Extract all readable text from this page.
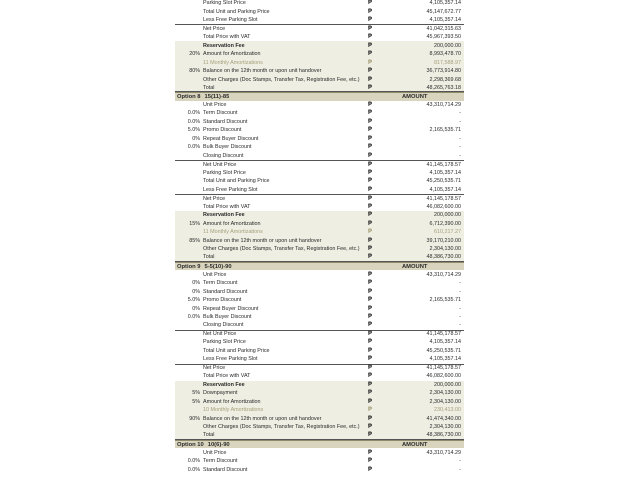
Parking Slot Price	₱	4,105,357.14
Total Unit and Parking Price	₱	45,147,672.77
Less Free Parking Slot	₱	4,105,357.14
Net Price	₱	41,042,315.63
Total Price with VAT	₱	45,967,393.50
Reservation Fee	₱	200,000.00
20% Amount for Amortization	₱	8,993,478.70
11 Monthly Amortizations	₱	817,588.97
80% Balance on the 12th month or upon unit handover	₱	36,773,914.80
Other Charges (Doc Stamps, Transfer Tax, Registration Fee, etc.)	₱	2,298,369.68
Total	₱	48,265,763.18
Option 8 15(11)-85	AMOUNT
Unit Price	₱	43,310,714.29
0.0% Term Discount	₱	-
0.0% Standard Discount	₱	-
5.0% Promo Discount	₱	2,165,535.71
0% Repeat Buyer Discount	₱	-
0.0% Bulk Buyer Discount	₱	-
Closing Discount	₱	-
Net Unit Price	₱	41,145,178.57
Parking Slot Price	₱	4,105,357.14
Total Unit and Parking Price	₱	45,250,535.71
Less Free Parking Slot	₱	4,105,357.14
Net Price	₱	41,145,178.57
Total Price with VAT	₱	46,082,600.00
Reservation Fee	₱	200,000.00
15% Amount for Amortization	₱	6,712,390.00
11 Monthly Amortizations	₱	610,217.27
85% Balance on the 12th month or upon unit handover	₱	39,170,210.00
Other Charges (Doc Stamps, Transfer Tax, Registration Fee, etc.)	₱	2,304,130.00
Total	₱	48,386,730.00
Option 9 5-5(10)-90	AMOUNT
Unit Price	₱	43,310,714.29
0% Term Discount	₱	-
0% Standard Discount	₱	-
5.0% Promo Discount	₱	2,165,535.71
0% Repeat Buyer Discount	₱	-
0.0% Bulk Buyer Discount	₱	-
Closing Discount	₱	-
Net Unit Price	₱	41,145,178.57
Parking Slot Price	₱	4,105,357.14
Total Unit and Parking Price	₱	45,250,535.71
Less Free Parking Slot	₱	4,105,357.14
Net Price	₱	41,145,178.57
Total Price with VAT	₱	46,082,600.00
Reservation Fee	₱	200,000.00
5% Downpayment	₱	2,304,130.00
5% Amount for Amortization	₱	2,304,130.00
10 Monthly Amortizations	₱	230,413.00
90% Balance on the 12th month or upon unit handover	₱	41,474,340.00
Other Charges (Doc Stamps, Transfer Tax, Registration Fee, etc.)	₱	2,304,130.00
Total	₱	48,386,730.00
Option 10 10(6)-90	AMOUNT
Unit Price	₱	43,310,714.29
0.0% Term Discount	₱	-
0.0% Standard Discount	₱	-
